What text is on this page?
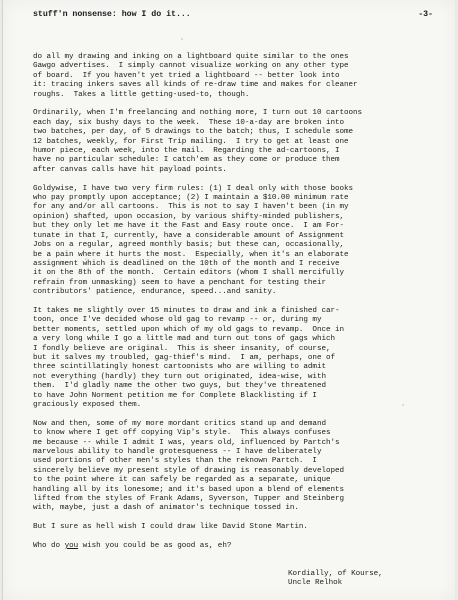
stuff'n nonsense: how I do it...	-3-
do all my drawing and inking on a lightboard quite similar to the ones
Gawgo advertises.  I simply cannot visualize working on any other type
of board.  If you haven't yet tried a lightboard -- better look into
it: tracing inkers saves all kinds of re-draw time and makes for cleaner
roughs.  Takes a little getting-used-to, though.
Ordinarily, when I'm freelancing and nothing more, I turn out 10 cartoons
each day, six bushy days to the week.  These 10-a-day are broken into
two batches, per day, of 5 drawings to the batch; thus, I schedule some
12 batches, weekly, for First Trip mailing.  I try to get at least one
humor piece, each week, into the mail.  Regarding the ad-cartoons, I
have no particular schedule: I catch'em as they come or produce them
after canvas calls have hit payload points.
Goldywise, I have two very firm rules: (1) I deal only with those books
who pay promptly upon acceptance; (2) I maintain a $10.00 minimum rate
for any and/or all cartoons.  This is not to say I haven't been (in my
opinion) shafted, upon occasion, by various shifty-minded publishers,
but they only let me have it the Fast and Easy route once.  I am For-
tunate in that I, currently, have a considerable amount of Assignment
Jobs on a regular, agreed monthly basis; but these can, occasionally,
be a pain where it hurts the most.  Especially, when it's an elaborate
assignment which is deadlined on the 10th of the month and I receive
it on the 8th of the month.  Certain editors (whom I shall mercifully
refrain from unmasking) seem to have a penchant for testing their
contributors' patience, endurance, speed...and sanity.
It takes me slightly over 15 minutes to draw and ink a finished car-
toon, once I've decided whose old gag to revamp -- or, during my
better moments, settled upon which of my old gags to revamp.  Once in
a very long while I go a little mad and turn out tons of gags which
I fondly believe are original.  This is sheer insanity, of course,
but it salves my troubled, gag-thief's mind.  I am, perhaps, one of
three scintillatingly honest cartoonists who are willing to admit
not everything (hardly) they turn out originated, idea-wise, with
them.  I'd gladly name the other two guys, but they've threatened
to have John Norment petition me for Complete Blacklisting if I
graciously exposed them.
Now and then, some of my more mordant critics stand up and demand
to know where I get off copying Vip's style.  This always confuses
me because -- while I admit I was, years old, influenced by Partch's
marvelous ability to handle grotesqueness -- I have deliberately
used portions of other men's styles than the reknown Partch.  I
sincerely believe my present style of drawing is reasonably developed
to the point where it can safely be regarded as a separate, unique
handling all by its lonesome; and it's based upon a blend of elements
lifted from the styles of Frank Adams, Syverson, Tupper and Steinberg
with, maybe, just a dash of animator's technique tossed in.
But I sure as hell wish I could draw like David Stone Martin.
Who do you wish you could be as good as, eh?
Kordially, of Kourse,
Uncle Relhok
